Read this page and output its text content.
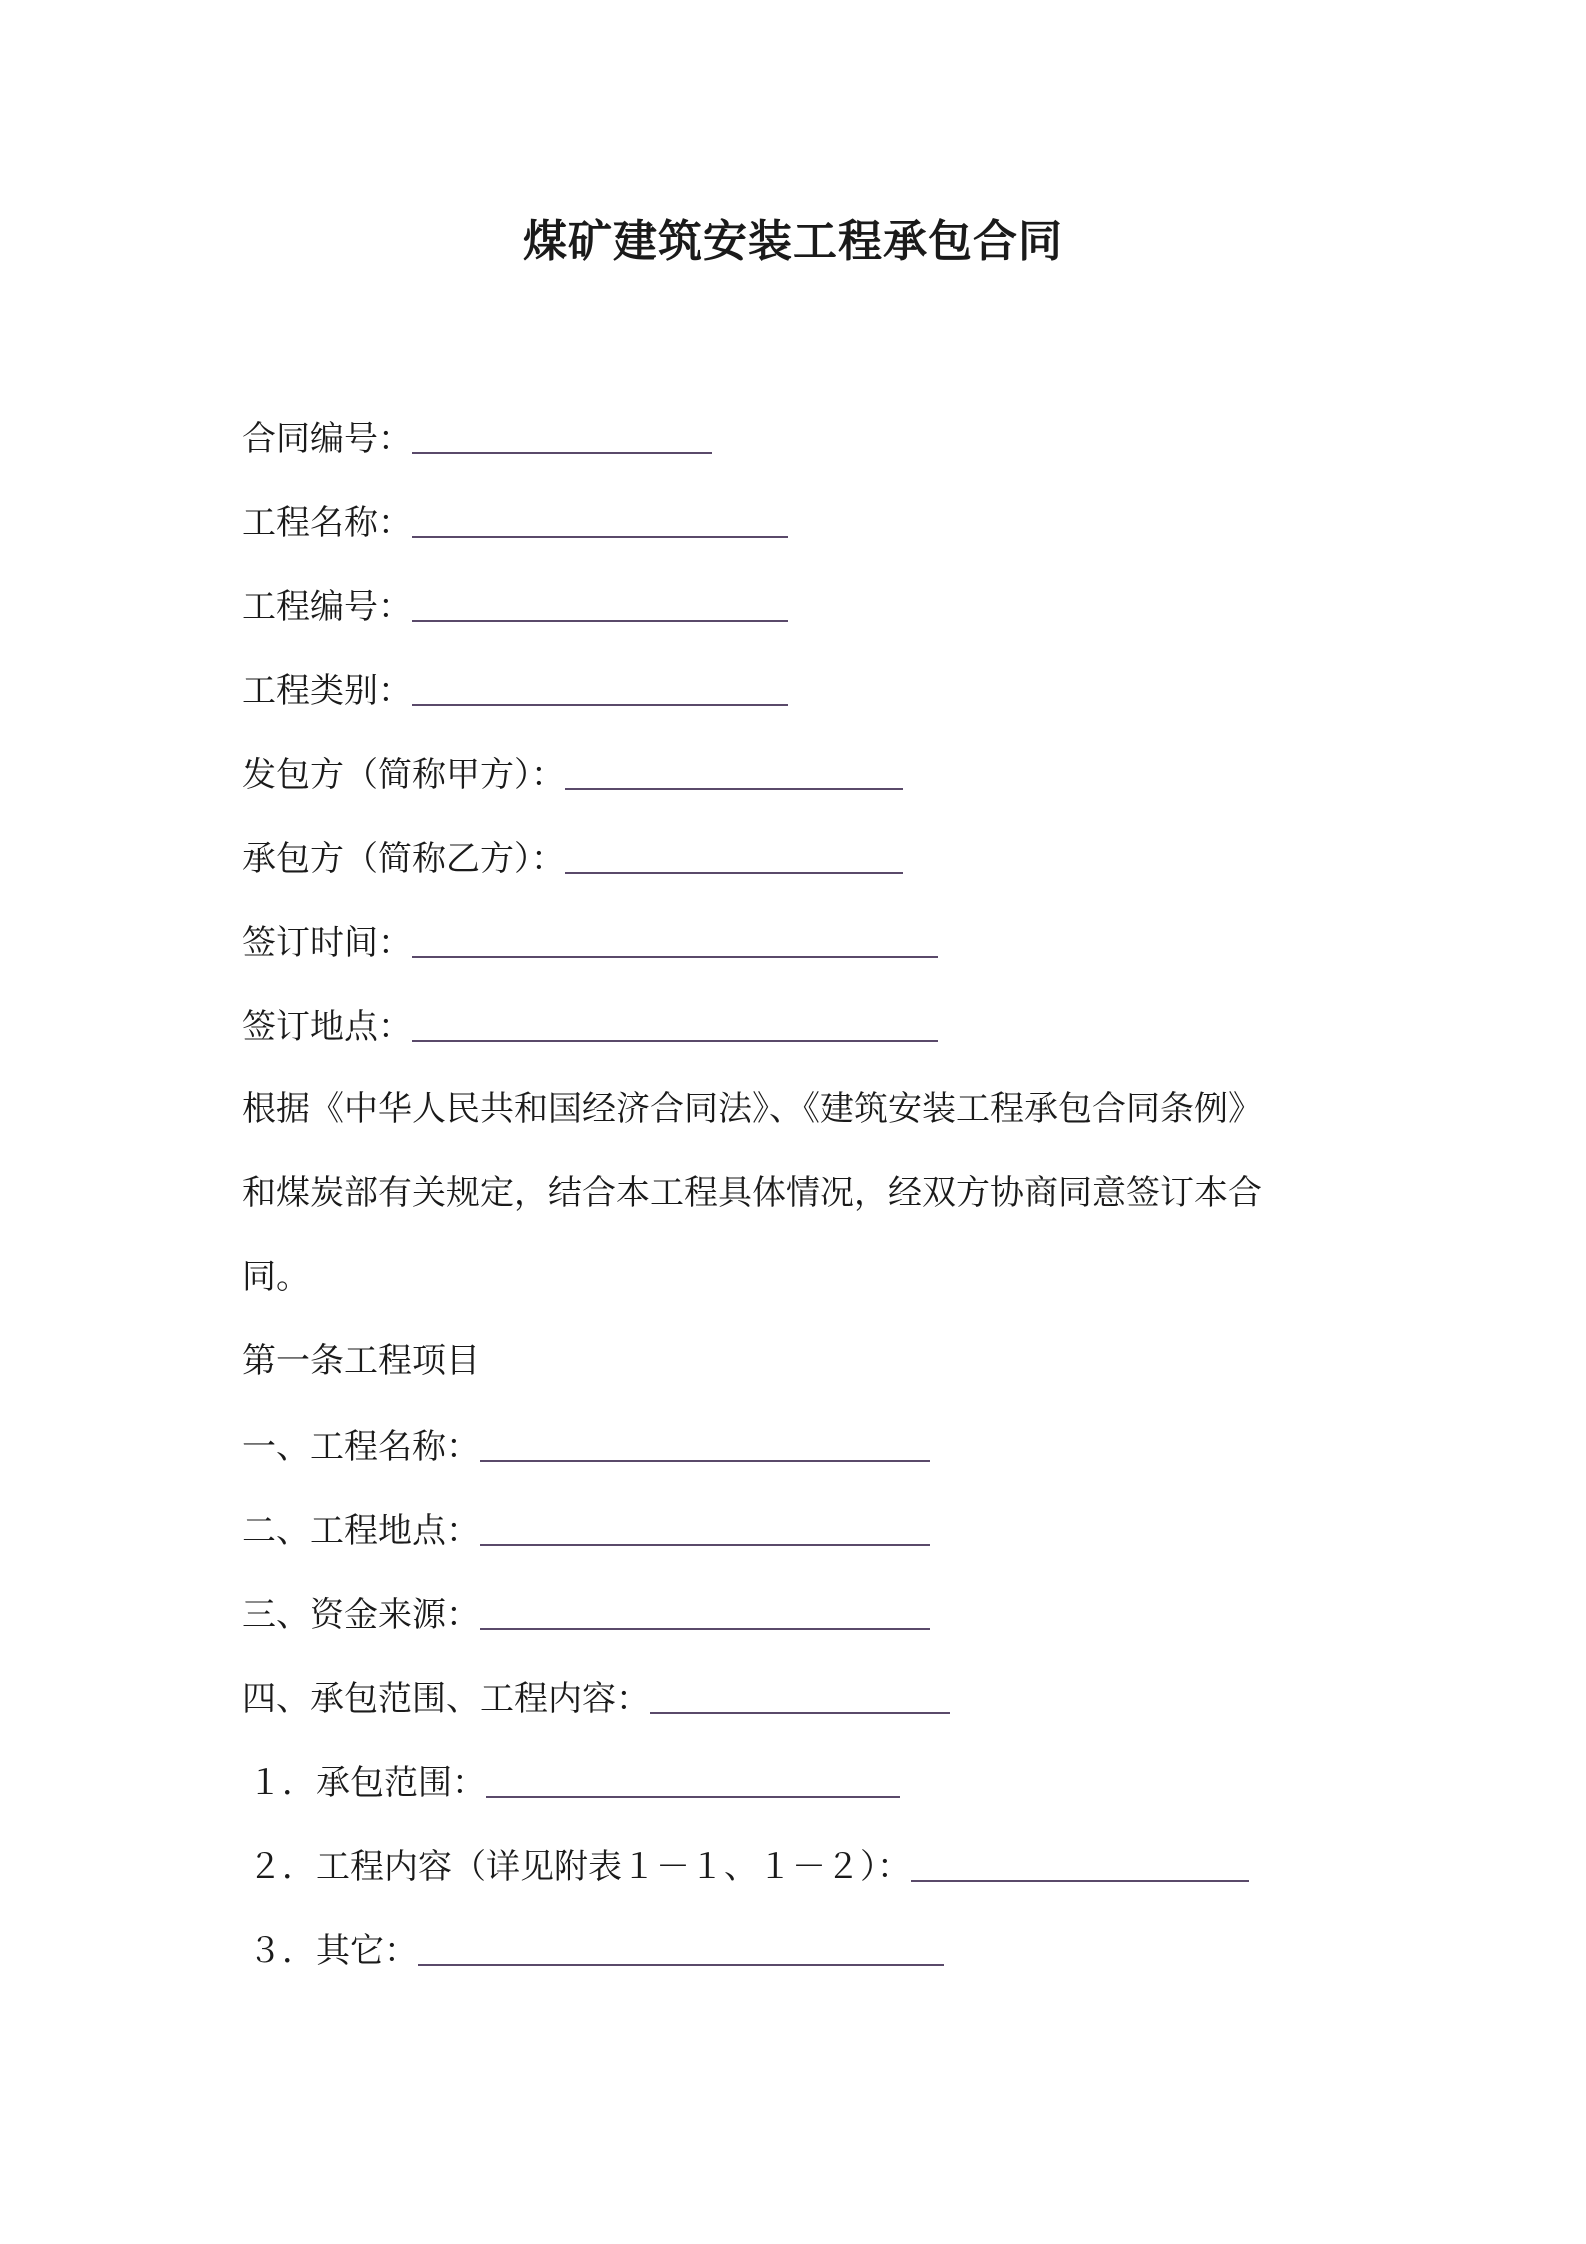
煤矿建筑安装工程承包合同
合同编号：
工程名称：
工程编号：
工程类别：
发包方（简称甲方）：
承包方（简称乙方）：
签订时间：
签订地点：
根据《中华人民共和国经济合同法》、《建筑安装工程承包合同条例》
和煤炭部有关规定，结合本工程具体情况，经双方协商同意签订本合
同。
第一条工程项目
一、工程名称：
二、工程地点：
三、资金来源：
四、承包范围、工程内容：
１．承包范围：
２．工程内容（详见附表１－１、１－２）：
３．其它：
